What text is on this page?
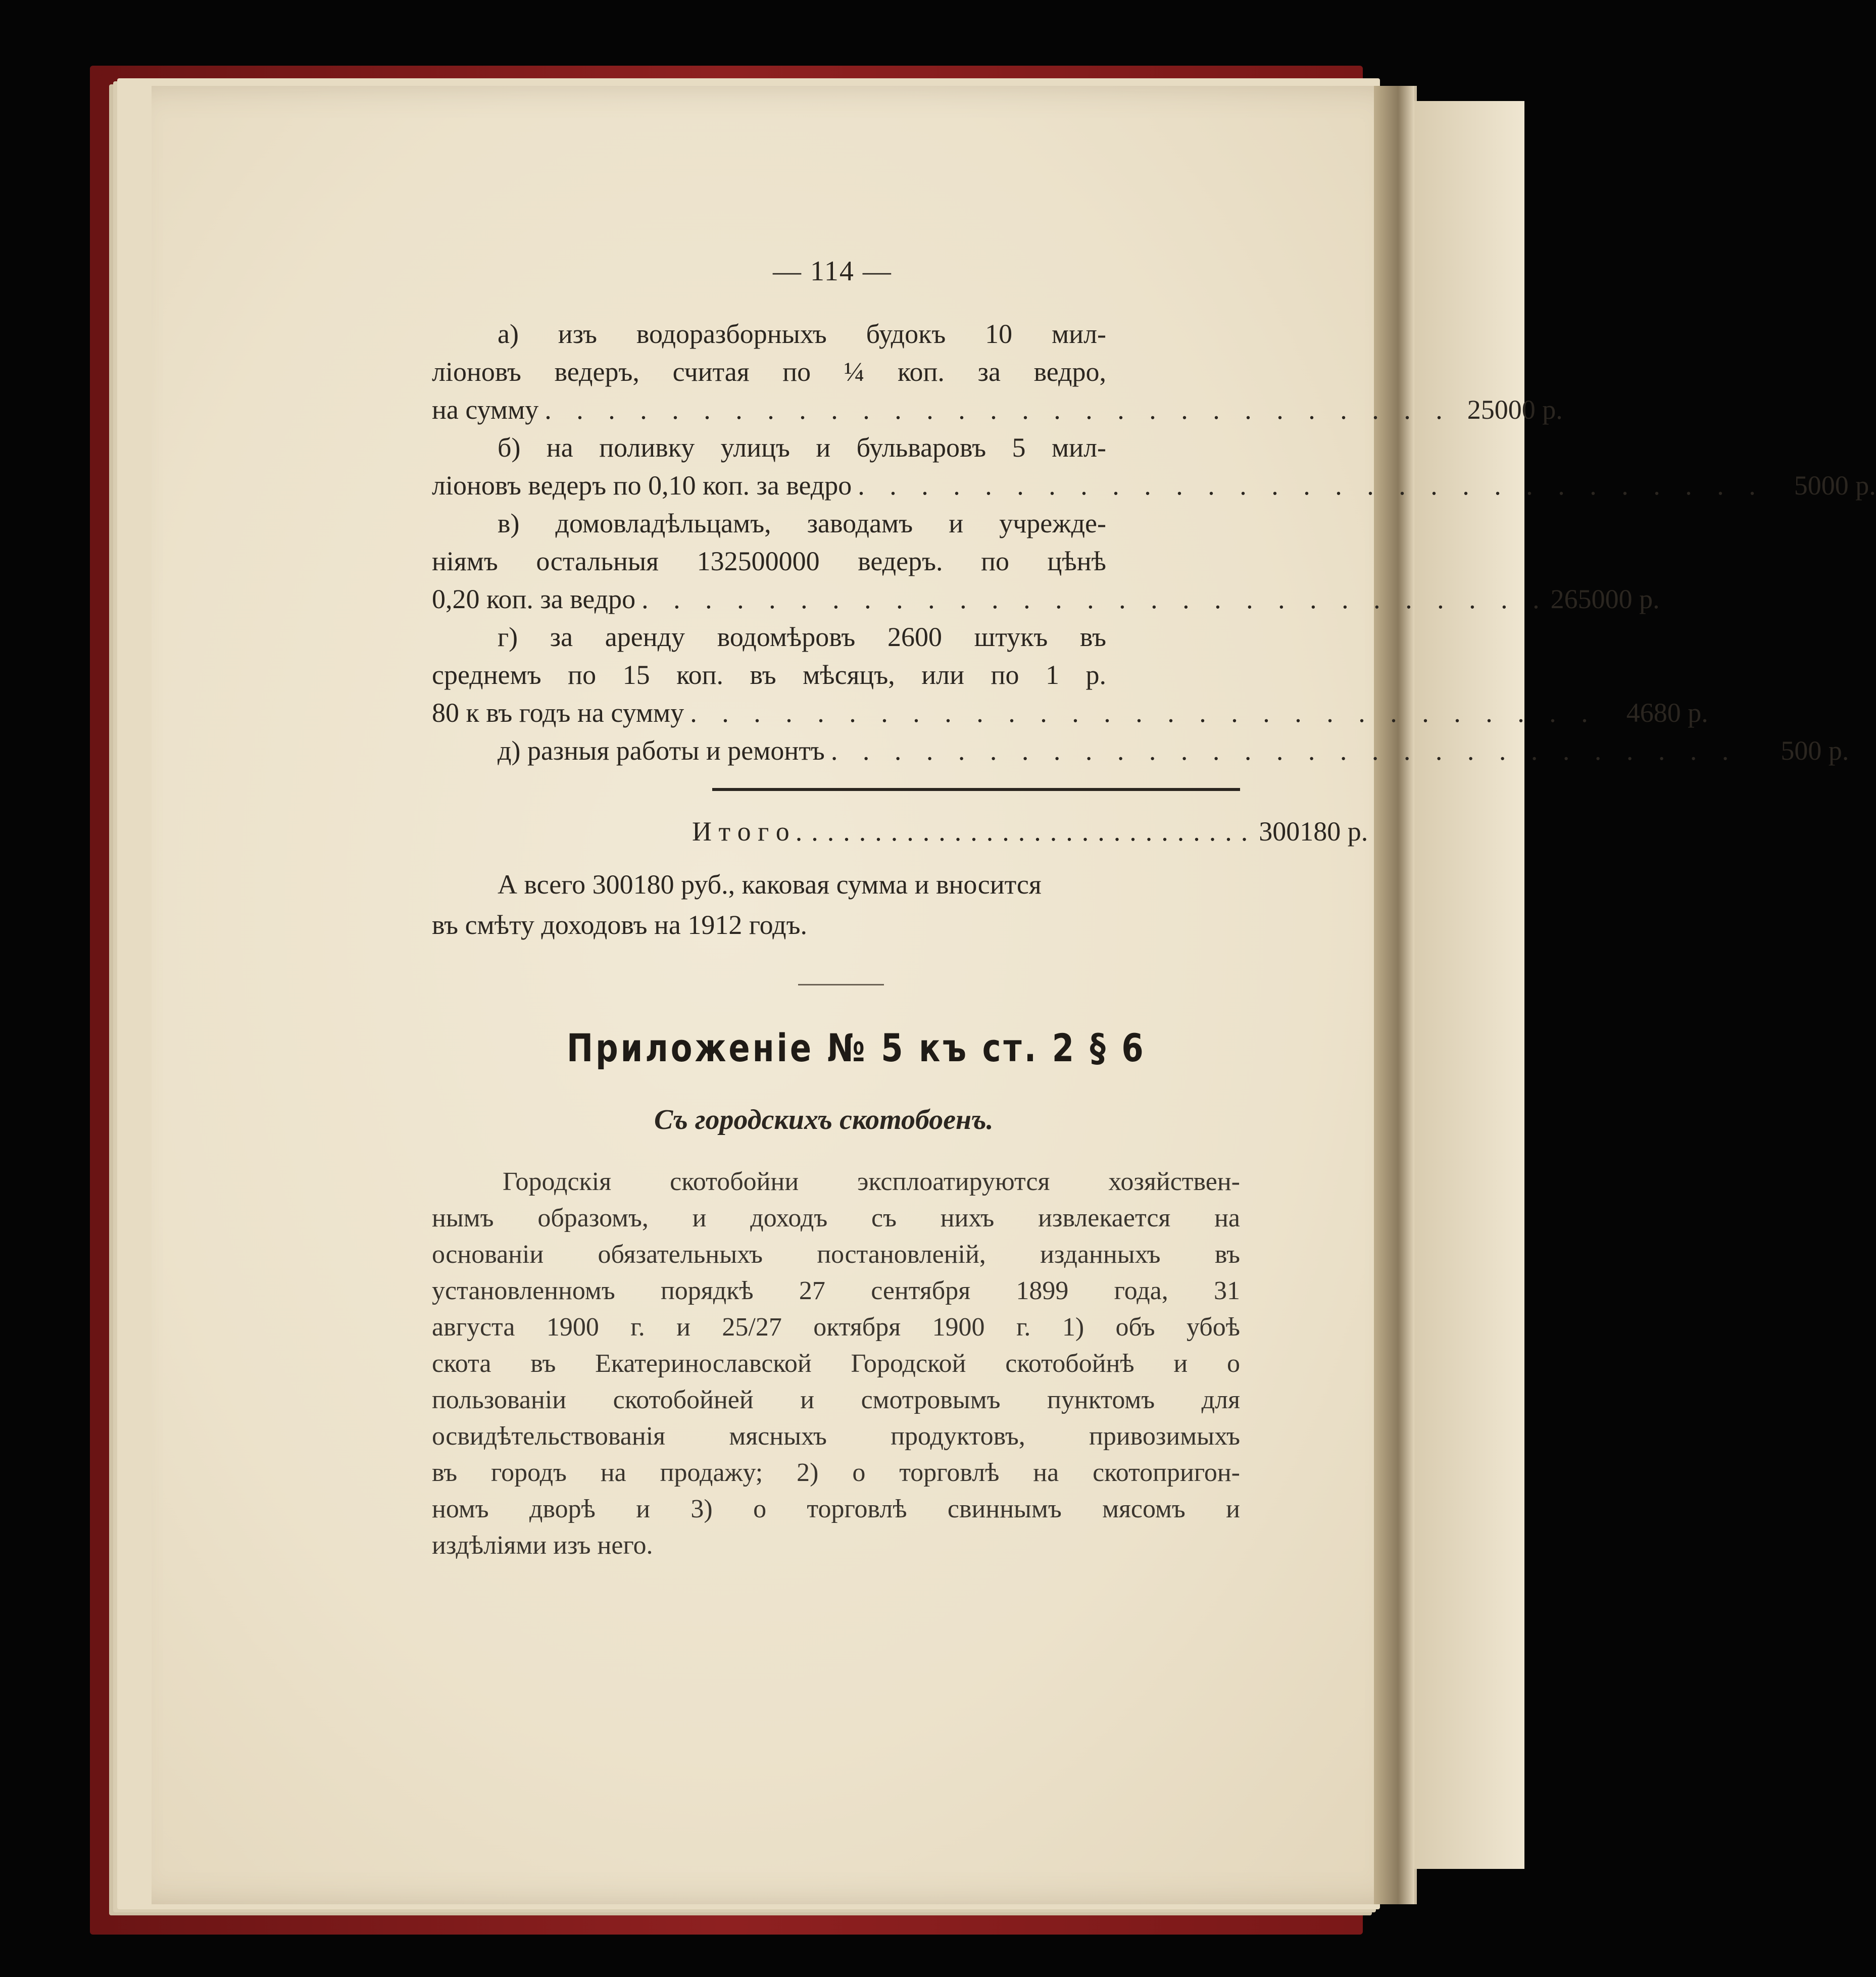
— 114 —
а) изъ водоразборныхъ будокъ 10 мил-
ліоновъ ведеръ, считая по ¼ коп. за ведро,
на сумму . . . . . . . . . . . . . . . . . . . . . . . . . . . . . 25000 р.
б) на поливку улицъ и бульваровъ 5 мил-
ліоновъ ведеръ по 0,10 коп. за ведро . . . . . . . . . . . . . . . . . . . . . . . . . . . . .	5000 р.
в) домовладѣльцамъ, заводамъ и учрежде-
ніямъ остальныя 132500000 ведеръ. по цѣнѣ
0,20 коп. за ведро . . . . . . . . . . . . . . . . . . . . . . . . . . . . . 265000 р.
г) за аренду водомѣровъ 2600 штукъ въ
среднемъ по 15 коп. въ мѣсяцъ, или по 1 р.
80 к въ годъ на сумму . . . . . . . . . . . . . . . . . . . . . . . . . . . . .	4680 р.
д) разныя работы и ремонтъ . . . . . . . . . . . . . . . . . . . . . . . . . . . . .	500 р.
И т о г о ............................. 300180 р.
А всего 300180 руб., каковая сумма и вносится
въ смѣту доходовъ на 1912 годъ.
Приложеніе № 5 къ ст. 2 § 6
Съ городскихъ скотобоенъ.
Городскія скотобойни эксплоатируются хозяйствен-
нымъ образомъ, и доходъ съ нихъ извлекается на
основаніи обязательныхъ постановленій, изданныхъ въ
установленномъ порядкѣ 27 сентября 1899 года, 31
августа 1900 г. и 25/27 октября 1900 г. 1) объ убоѣ
скота въ Екатеринославской Городской скотобойнѣ и о
пользованіи скотобойней и смотровымъ пунктомъ для
освидѣтельствованія мясныхъ продуктовъ, привозимыхъ
въ городъ на продажу; 2) о торговлѣ на скотопригон-
номъ дворѣ и 3) о торговлѣ свиннымъ мясомъ и
издѣліями изъ него.
